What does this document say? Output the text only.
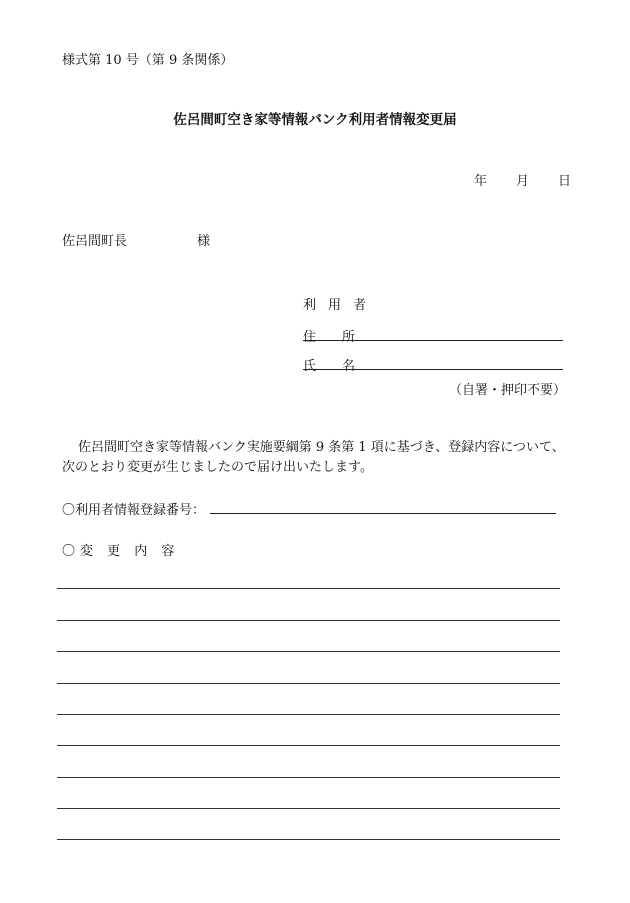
様式第 10 号（第 9 条関係）
佐呂間町空き家等情報バンク利用者情報変更届
年 月 日
佐呂間町長	様
利用者
住　　所
氏　　名
（自署・押印不要）
佐呂間町空き家等情報バンク実施要綱第 9 条第 1 項に基づき、登録内容について、
次のとおり変更が生じましたので届け出いたします。
〇利用者情報登録番号：
〇変 更 内 容
